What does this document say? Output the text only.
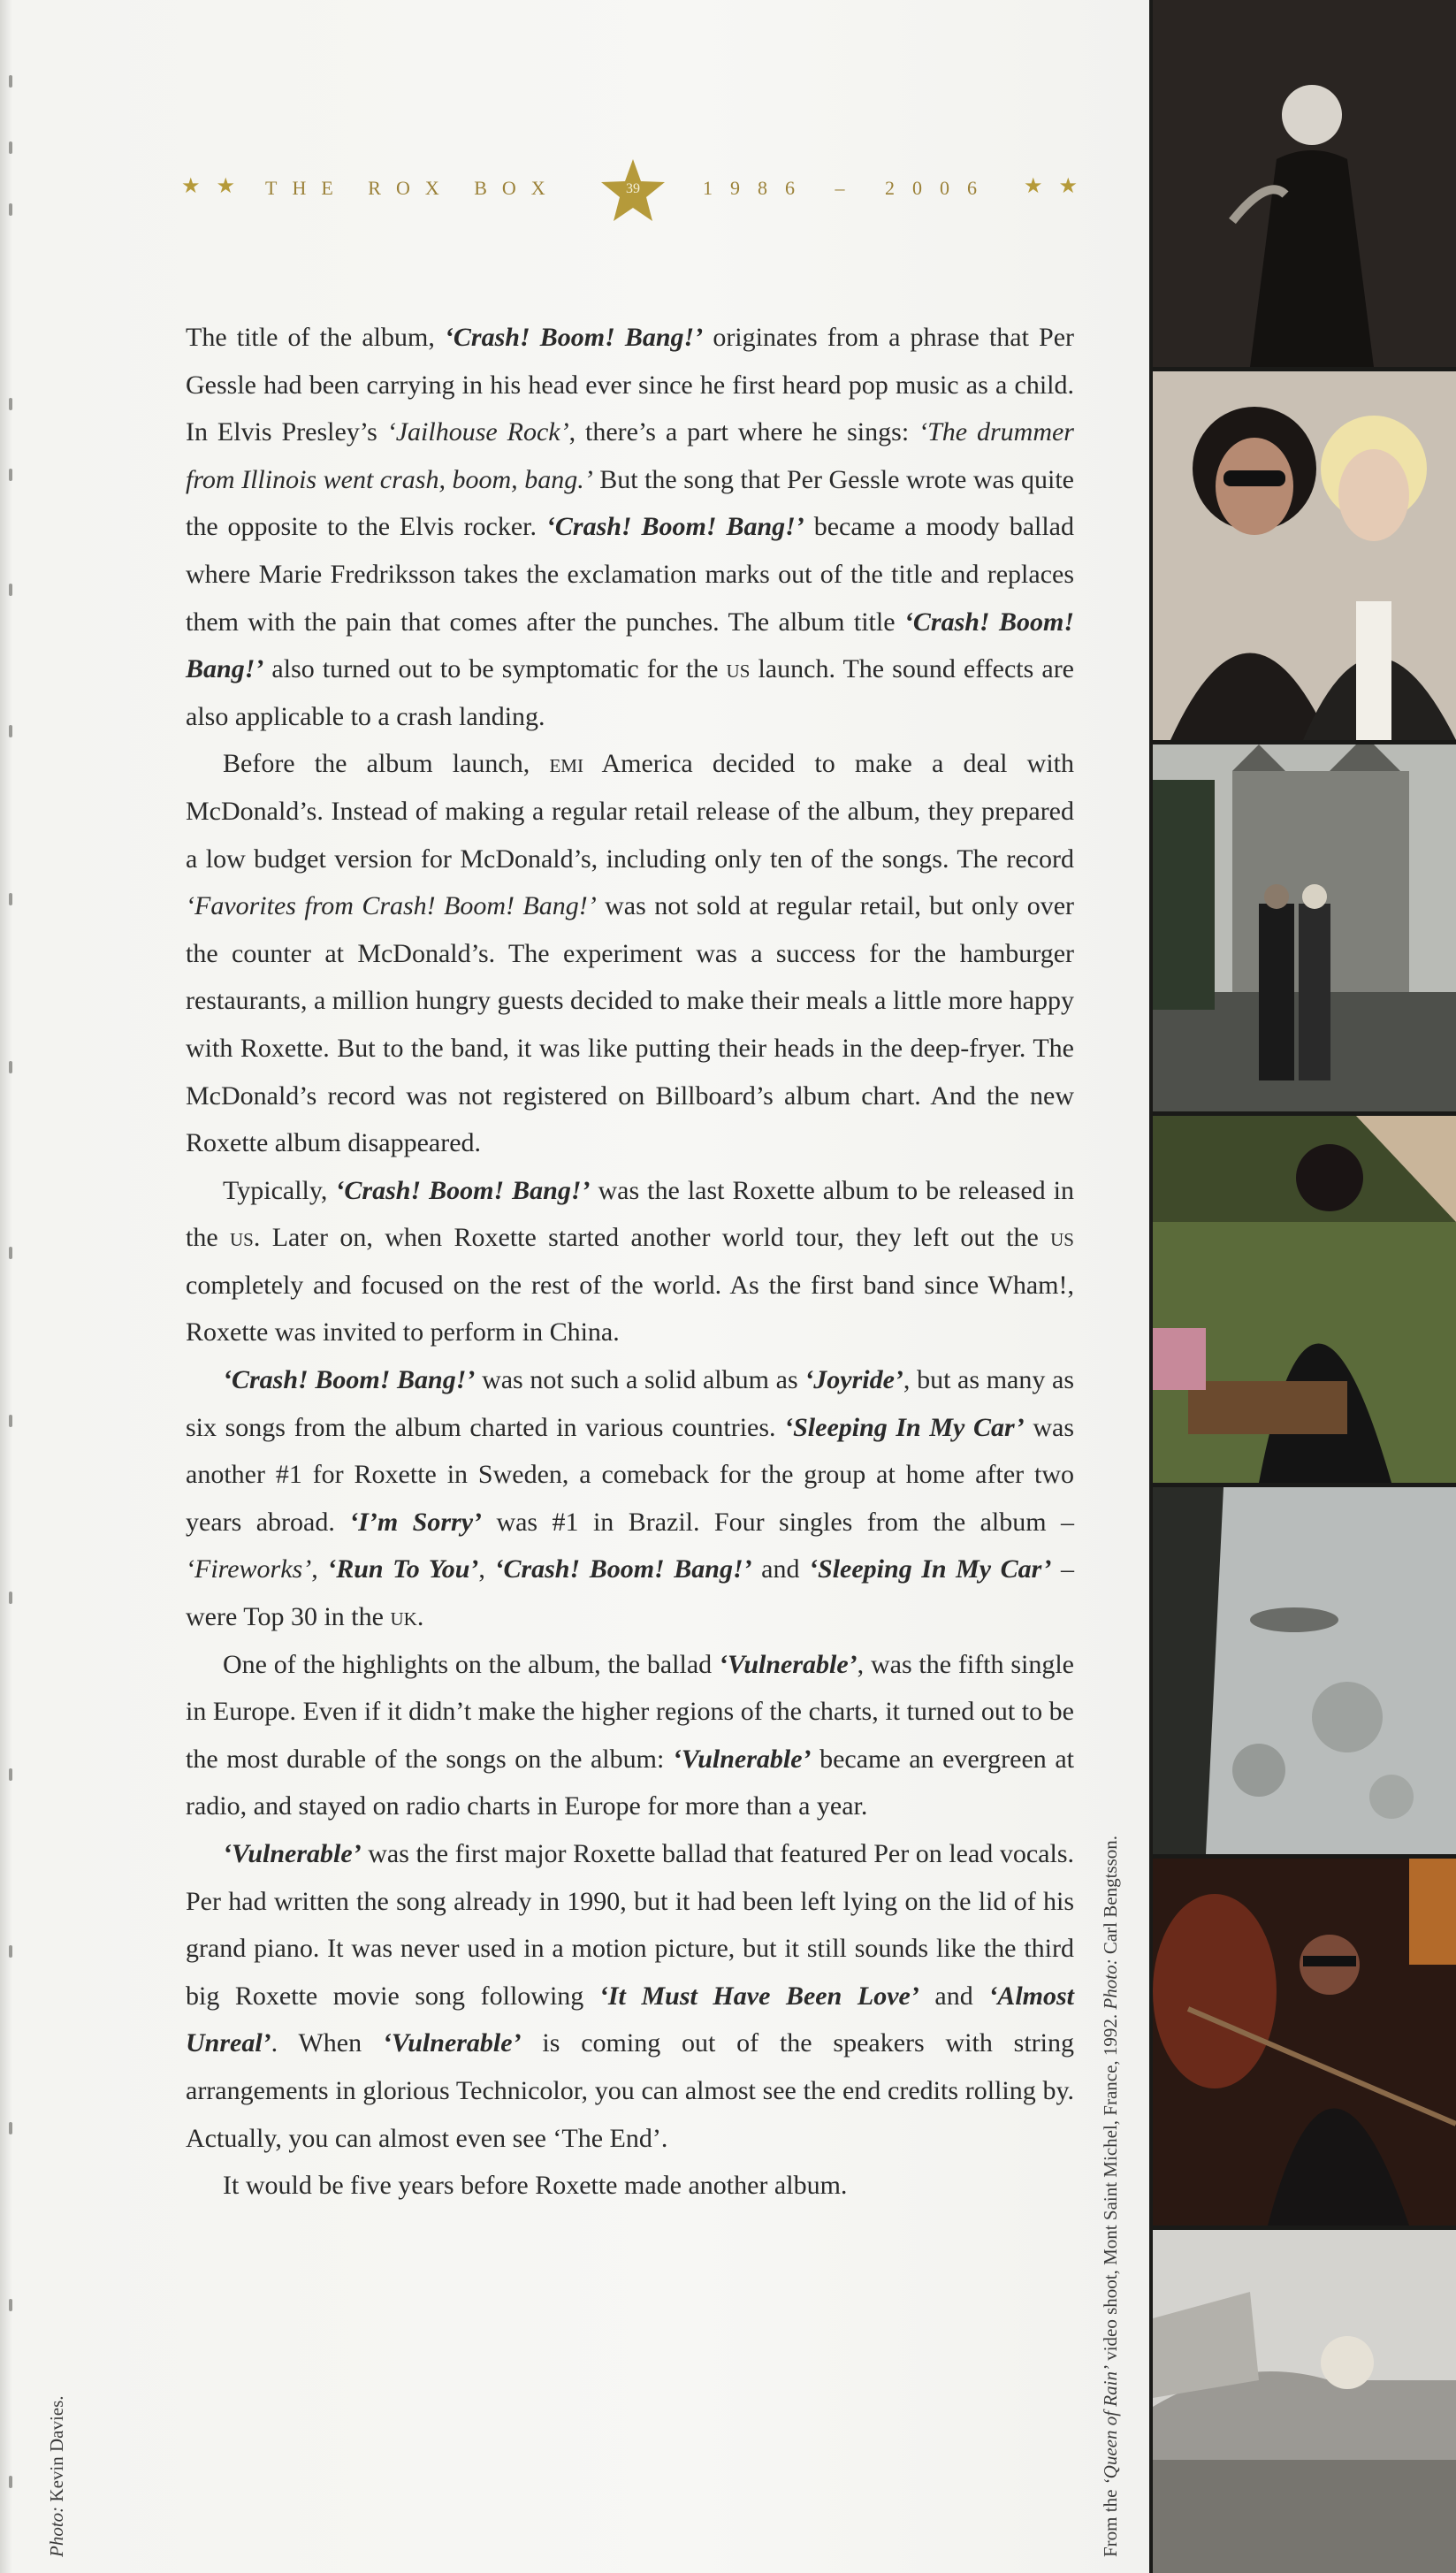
★ ★ THE ROX BOX	39	1986 – 2006 ★ ★

The title of the album, ‘Crash! Boom! Bang!’ originates from a phrase that Per Gessle had been carrying in his head ever since he first heard pop music as a child. In Elvis Presley’s ‘Jailhouse Rock’, there’s a part where he sings: ‘The drummer from Illinois went crash, boom, bang.’ But the song that Per Gessle wrote was quite the opposite to the Elvis rocker. ‘Crash! Boom! Bang!’ became a moody ballad where Marie Fredriksson takes the exclamation marks out of the title and replaces them with the pain that comes after the punches. The album title ‘Crash! Boom! Bang!’ also turned out to be symptomatic for the us launch. The sound effects are also applicable to a crash landing.

Before the album launch, emi America decided to make a deal with McDonald’s. Instead of making a regular retail release of the album, they prepared a low budget version for McDonald’s, including only ten of the songs. The record ‘Favorites from Crash! Boom! Bang!’ was not sold at regular retail, but only over the counter at McDonald’s. The experiment was a success for the hamburger restaurants, a million hungry guests decided to make their meals a little more happy with Roxette. But to the band, it was like putting their heads in the deep-fryer. The McDonald’s record was not registered on Billboard’s album chart. And the new Roxette album disappeared.

Typically, ‘Crash! Boom! Bang!’ was the last Roxette album to be released in the us. Later on, when Roxette started another world tour, they left out the us completely and focused on the rest of the world. As the first band since Wham!, Roxette was invited to perform in China.

‘Crash! Boom! Bang!’ was not such a solid album as ‘Joyride’, but as many as six songs from the album charted in various countries. ‘Sleeping In My Car’ was another #1 for Roxette in Sweden, a comeback for the group at home after two years abroad. ‘I’m Sorry’ was #1 in Brazil. Four singles from the album – ‘Fireworks’, ‘Run To You’, ‘Crash! Boom! Bang!’ and ‘Sleeping In My Car’ – were Top 30 in the uk.

One of the highlights on the album, the ballad ‘Vulnerable’, was the fifth single in Europe. Even if it didn’t make the higher regions of the charts, it turned out to be the most durable of the songs on the album: ‘Vulnerable’ became an evergreen at radio, and stayed on radio charts in Europe for more than a year.

‘Vulnerable’ was the first major Roxette ballad that featured Per on lead vocals. Per had written the song already in 1990, but it had been left lying on the lid of his grand piano. It was never used in a motion picture, but it still sounds like the third big Roxette movie song following ‘It Must Have Been Love’ and ‘Almost Unreal’. When ‘Vulnerable’ is coming out of the speakers with string arrangements in glorious Technicolor, you can almost see the end credits rolling by. Actually, you can almost even see ‘The End’.

It would be five years before Roxette made another album.

Photo: Kevin Davies.
From the ‘Queen of Rain’ video shoot, Mont Saint Michel, France, 1992. Photo: Carl Bengtsson.
